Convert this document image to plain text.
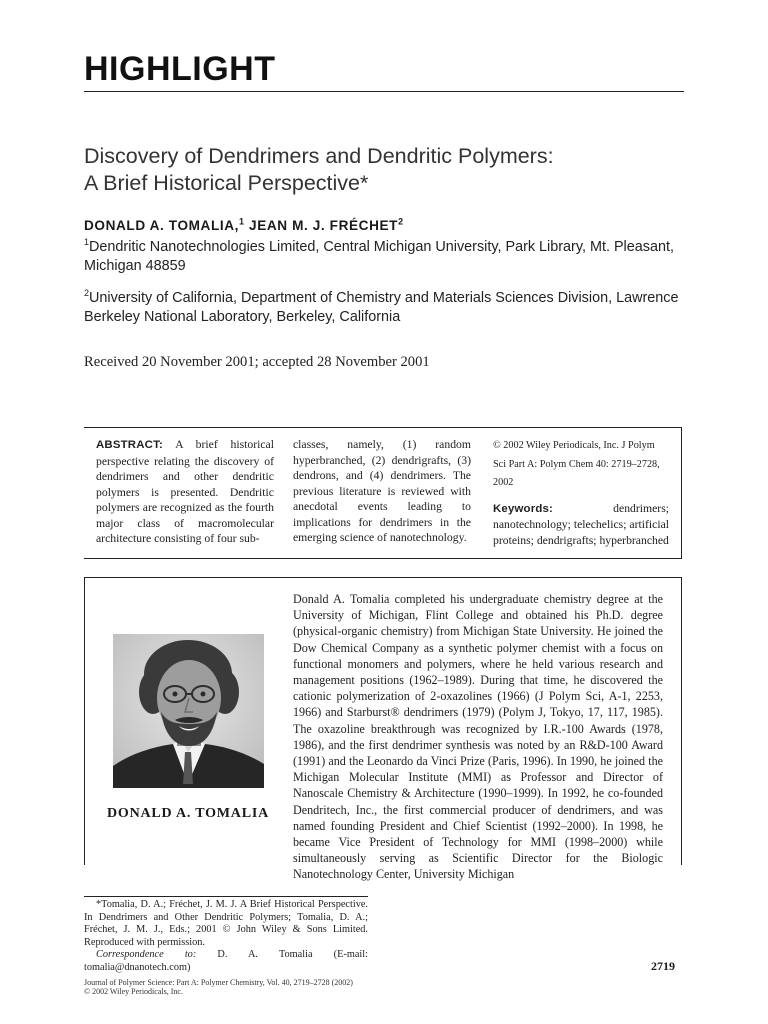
HIGHLIGHT
Discovery of Dendrimers and Dendritic Polymers:
A Brief Historical Perspective*
DONALD A. TOMALIA,$^1$ JEAN M. J. FRÉCHET$^2$
$^1$Dendritic Nanotechnologies Limited, Central Michigan University, Park Library, Mt. Pleasant, Michigan 48859
$^2$University of California, Department of Chemistry and Materials Sciences Division, Lawrence Berkeley National Laboratory, Berkeley, California
Received 20 November 2001; accepted 28 November 2001
ABSTRACT: A brief historical perspective relating the discovery of dendrimers and other dendritic polymers is presented. Dendritic polymers are recognized as the fourth major class of macromolecular architecture consisting of four sub-
classes, namely, (1) random hyperbranched, (2) dendrigrafts, (3) dendrons, and (4) dendrimers. The previous literature is reviewed with anecdotal events leading to implications for dendrimers in the emerging science of nanotechnology.
© 2002 Wiley Periodicals, Inc. J Polym Sci Part A: Polym Chem 40: 2719–2728, 2002
Keywords:	dendrimers; nanotechnology; telechelics; artificial proteins; dendrigrafts; hyperbranched
DONALD A. TOMALIA
Donald A. Tomalia completed his undergraduate chemistry degree at the University of Michigan, Flint College and obtained his Ph.D. degree (physical-organic chemistry) from Michigan State University. He joined the Dow Chemical Company as a synthetic polymer chemist with a focus on functional monomers and polymers, where he held various research and management positions (1962–1989). During that time, he discovered the cationic polymerization of 2-oxazolines (1966) (J Polym Sci, A-1, 2253, 1966) and Starburst® dendrimers (1979) (Polym J, Tokyo, 17, 117, 1985). The oxazoline breakthrough was recognized by I.R.-100 Awards (1978, 1986), and the first dendrimer synthesis was noted by an R&D-100 Award (1991) and the Leonardo da Vinci Prize (Paris, 1996). In 1990, he joined the Michigan Molecular Institute (MMI) as Professor and Director of Nanoscale Chemistry & Architecture (1990–1999). In 1992, he co-founded Dendritech, Inc., the first commercial producer of dendrimers, and was named founding President and Chief Scientist (1992–2000). In 1998, he became Vice President of Technology for MMI (1998–2000) while simultaneously serving as Scientific Director for the Biologic Nanotechnology Center, University Michigan
*Tomalia, D. A.; Fréchet, J. M. J. A Brief Historical Perspective. In Dendrimers and Other Dendritic Polymers; Tomalia, D. A.; Fréchet, J. M. J., Eds.; 2001 © John Wiley & Sons Limited. Reproduced with permission.
Correspondence to: D. A. Tomalia (E-mail: tomalia@dnanotech.com)
Journal of Polymer Science: Part A: Polymer Chemistry, Vol. 40, 2719–2728 (2002)
© 2002 Wiley Periodicals, Inc.
2719
